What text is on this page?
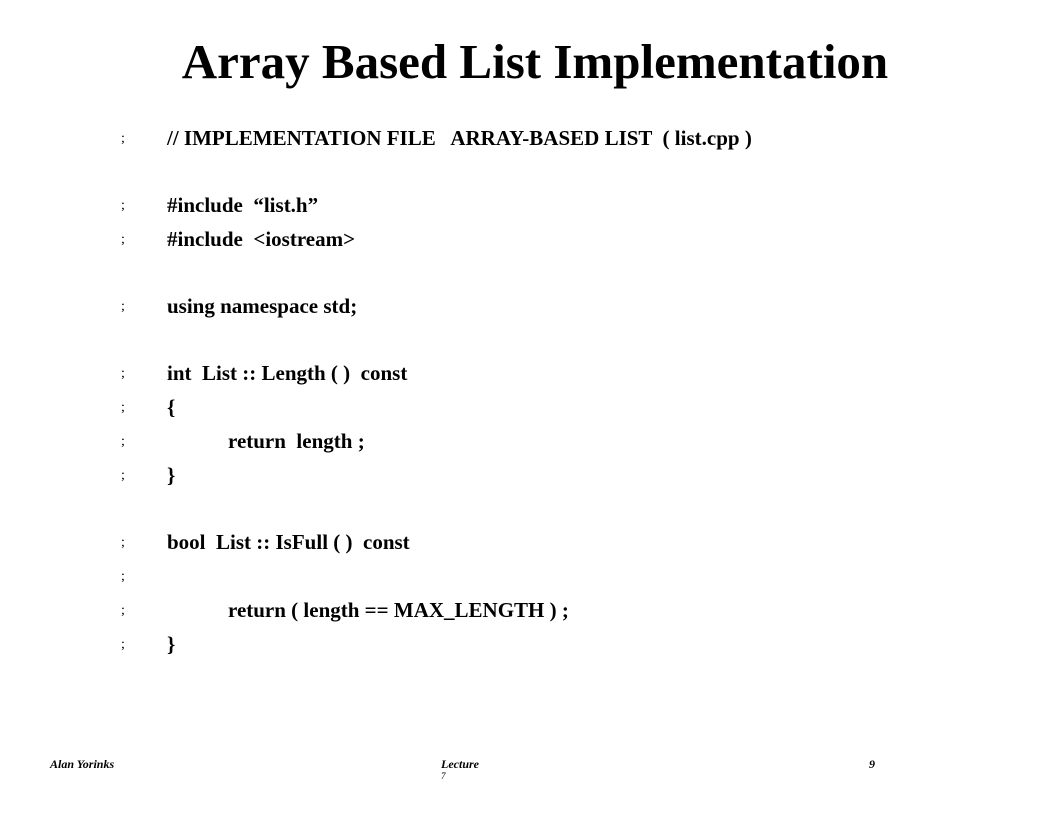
Array Based List Implementation
; // IMPLEMENTATION FILE   ARRAY-BASED LIST  ( list.cpp )
; #include  “list.h”
; #include  <iostream>
; using namespace std;
; int  List :: Length ( )  const
; {
;	return  length ;
; }
; bool  List :: IsFull ( )  const
;
;	return ( length == MAX_LENGTH ) ;
; }
Alan Yorinks	Lecture
7
9
